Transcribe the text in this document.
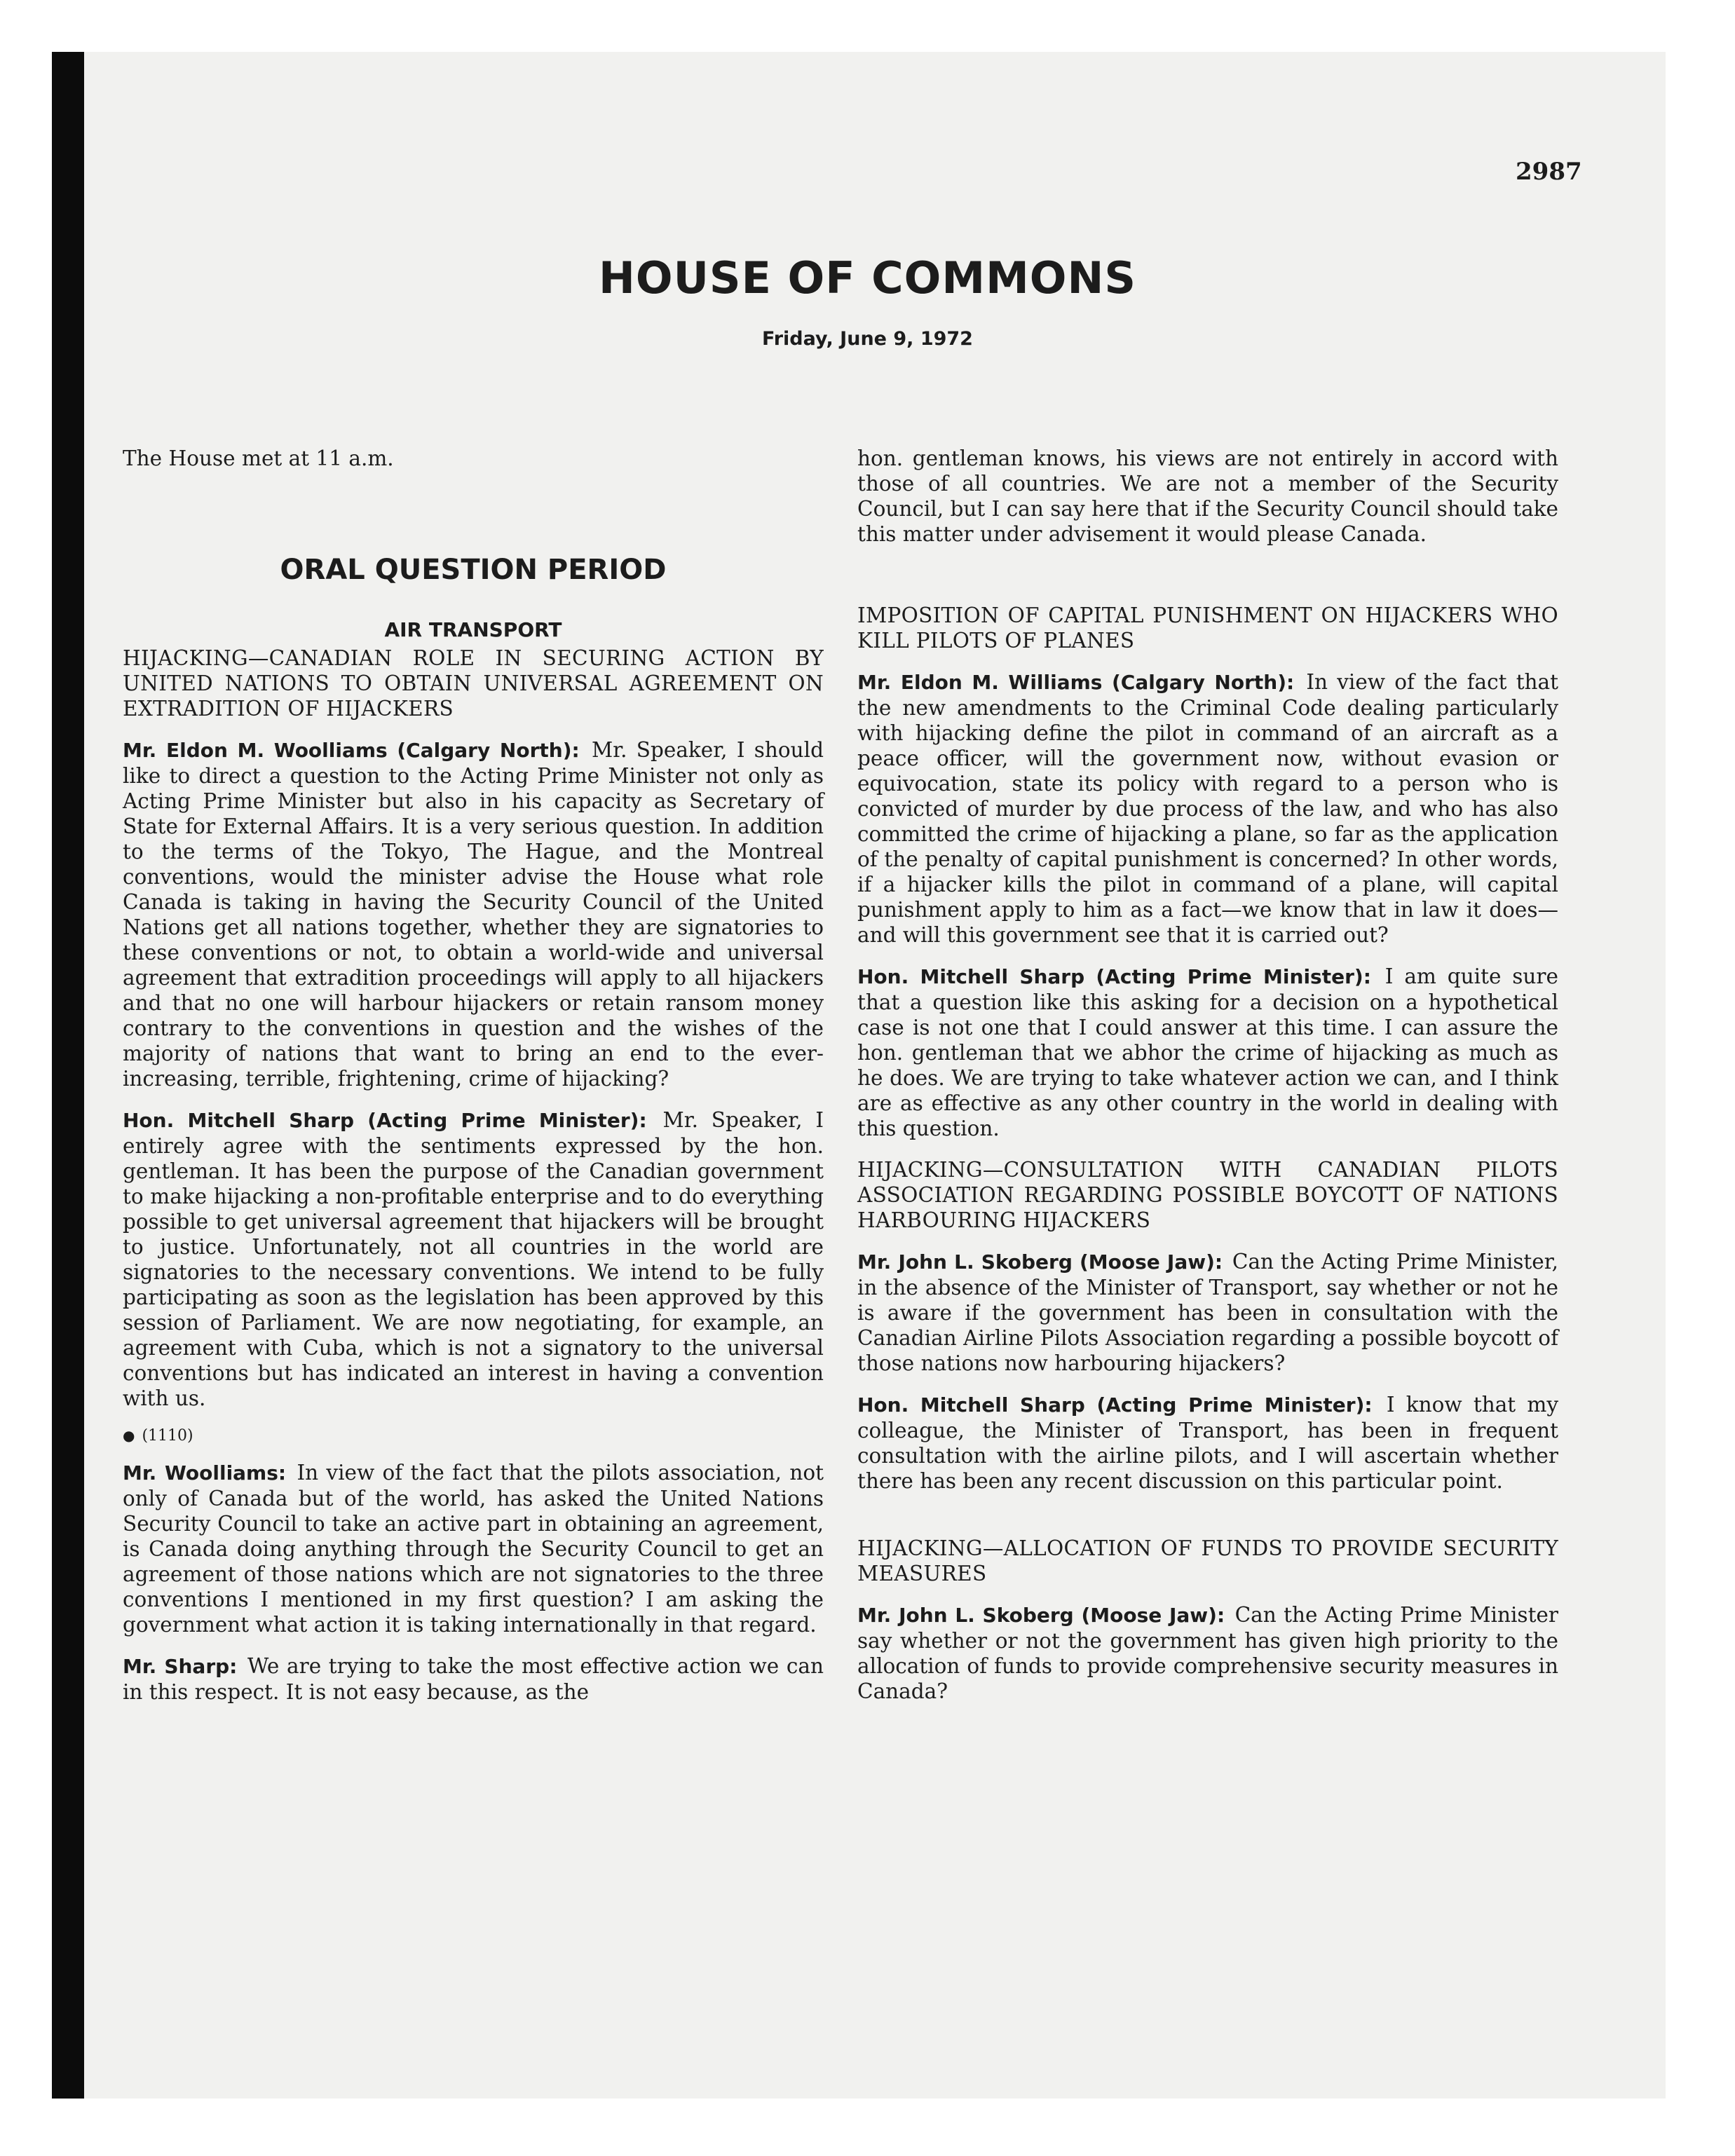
2987

HOUSE OF COMMONS

Friday, June 9, 1972

The House met at 11 a.m.

ORAL QUESTION PERIOD
AIR TRANSPORT

HIJACKING—CANADIAN ROLE IN SECURING ACTION BY UNITED NATIONS TO OBTAIN UNIVERSAL AGREEMENT ON EXTRADITION OF HIJACKERS

Mr. Eldon M. Woolliams (Calgary North): Mr. Speaker, I should like to direct a question to the Acting Prime Minister not only as Acting Prime Minister but also in his capacity as Secretary of State for External Affairs. It is a very serious question. In addition to the terms of the Tokyo, The Hague, and the Montreal conventions, would the minister advise the House what role Canada is taking in having the Security Council of the United Nations get all nations together, whether they are signatories to these conventions or not, to obtain a world-wide and universal agreement that extradition proceedings will apply to all hijackers and that no one will harbour hijackers or retain ransom money contrary to the conventions in question and the wishes of the majority of nations that want to bring an end to the ever-increasing, terrible, frightening, crime of hijacking?

Hon. Mitchell Sharp (Acting Prime Minister): Mr. Speaker, I entirely agree with the sentiments expressed by the hon. gentleman. It has been the purpose of the Canadian government to make hijacking a non-profitable enterprise and to do everything possible to get universal agreement that hijackers will be brought to justice. Unfortunately, not all countries in the world are signatories to the necessary conventions. We intend to be fully participating as soon as the legislation has been approved by this session of Parliament. We are now negotiating, for example, an agreement with Cuba, which is not a signatory to the universal conventions but has indicated an interest in having a convention with us.

● (1110)

Mr. Woolliams: In view of the fact that the pilots association, not only of Canada but of the world, has asked the United Nations Security Council to take an active part in obtaining an agreement, is Canada doing anything through the Security Council to get an agreement of those nations which are not signatories to the three conventions I mentioned in my first question? I am asking the government what action it is taking internationally in that regard.

Mr. Sharp: We are trying to take the most effective action we can in this respect. It is not easy because, as the

hon. gentleman knows, his views are not entirely in accord with those of all countries. We are not a member of the Security Council, but I can say here that if the Security Council should take this matter under advisement it would please Canada.

IMPOSITION OF CAPITAL PUNISHMENT ON HIJACKERS WHO KILL PILOTS OF PLANES

Mr. Eldon M. Williams (Calgary North): In view of the fact that the new amendments to the Criminal Code dealing particularly with hijacking define the pilot in command of an aircraft as a peace officer, will the government now, without evasion or equivocation, state its policy with regard to a person who is convicted of murder by due process of the law, and who has also committed the crime of hijacking a plane, so far as the application of the penalty of capital punishment is concerned? In other words, if a hijacker kills the pilot in command of a plane, will capital punishment apply to him as a fact—we know that in law it does—and will this government see that it is carried out?

Hon. Mitchell Sharp (Acting Prime Minister): I am quite sure that a question like this asking for a decision on a hypothetical case is not one that I could answer at this time. I can assure the hon. gentleman that we abhor the crime of hijacking as much as he does. We are trying to take whatever action we can, and I think are as effective as any other country in the world in dealing with this question.

HIJACKING—CONSULTATION WITH CANADIAN PILOTS ASSOCIATION REGARDING POSSIBLE BOYCOTT OF NATIONS HARBOURING HIJACKERS

Mr. John L. Skoberg (Moose Jaw): Can the Acting Prime Minister, in the absence of the Minister of Transport, say whether or not he is aware if the government has been in consultation with the Canadian Airline Pilots Association regarding a possible boycott of those nations now harbouring hijackers?

Hon. Mitchell Sharp (Acting Prime Minister): I know that my colleague, the Minister of Transport, has been in frequent consultation with the airline pilots, and I will ascertain whether there has been any recent discussion on this particular point.

HIJACKING—ALLOCATION OF FUNDS TO PROVIDE SECURITY MEASURES

Mr. John L. Skoberg (Moose Jaw): Can the Acting Prime Minister say whether or not the government has given high priority to the allocation of funds to provide comprehensive security measures in Canada?
